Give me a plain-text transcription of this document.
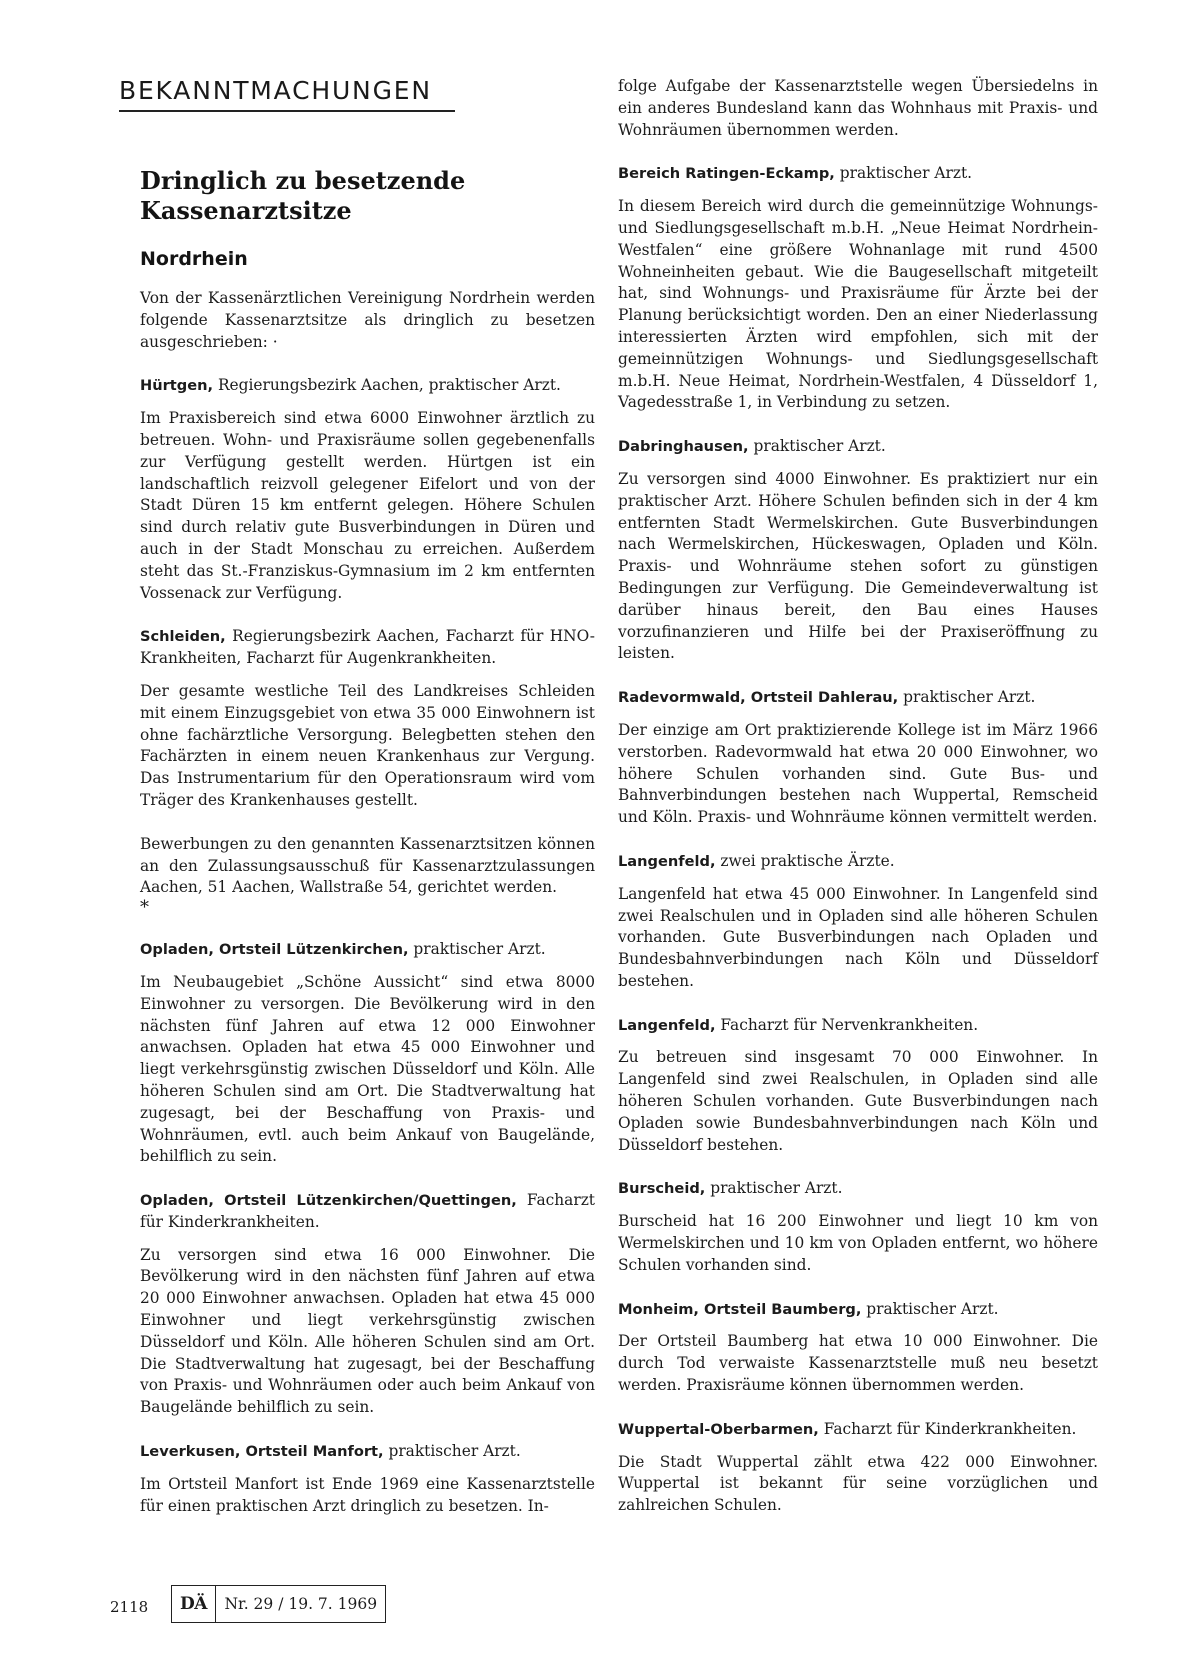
BEKANNTMACHUNGEN
Dringlich zu besetzende Kassenarztsitze
Nordrhein

Von der Kassenärztlichen Vereinigung Nordrhein werden folgende Kassenarztsitze als dringlich zu besetzen ausgeschrieben: ·

Hürtgen, Regierungsbezirk Aachen, praktischer Arzt.

Im Praxisbereich sind etwa 6000 Einwohner ärztlich zu betreuen. Wohn- und Praxisräume sollen gegebenenfalls zur Verfügung gestellt werden. Hürtgen ist ein landschaftlich reizvoll gelegener Eifelort und von der Stadt Düren 15 km entfernt gelegen. Höhere Schulen sind durch relativ gute Busverbindungen in Düren und auch in der Stadt Monschau zu erreichen. Außerdem steht das St.-Franziskus-Gymnasium im 2 km entfernten Vossenack zur Verfügung.

Schleiden, Regierungsbezirk Aachen, Facharzt für HNO-Krankheiten, Facharzt für Augenkrankheiten.

Der gesamte westliche Teil des Landkreises Schleiden mit einem Einzugsgebiet von etwa 35 000 Einwohnern ist ohne fachärztliche Versorgung. Belegbetten stehen den Fachärzten in einem neuen Krankenhaus zur Vergung. Das Instrumentarium für den Operationsraum wird vom Träger des Krankenhauses gestellt.

Bewerbungen zu den genannten Kassenarztsitzen können an den Zulassungsausschuß für Kassenarztzulassungen Aachen, 51 Aachen, Wallstraße 54, gerichtet werden.

*

Opladen, Ortsteil Lützenkirchen, praktischer Arzt.

Im Neubaugebiet „Schöne Aussicht“ sind etwa 8000 Einwohner zu versorgen. Die Bevölkerung wird in den nächsten fünf Jahren auf etwa 12 000 Einwohner anwachsen. Opladen hat etwa 45 000 Einwohner und liegt verkehrsgünstig zwischen Düsseldorf und Köln. Alle höheren Schulen sind am Ort. Die Stadtverwaltung hat zugesagt, bei der Beschaffung von Praxis- und Wohnräumen, evtl. auch beim Ankauf von Baugelände, behilflich zu sein.

Opladen, Ortsteil Lützenkirchen/Quettingen, Facharzt für Kinderkrankheiten.

Zu versorgen sind etwa 16 000 Einwohner. Die Bevölkerung wird in den nächsten fünf Jahren auf etwa 20 000 Einwohner anwachsen. Opladen hat etwa 45 000 Einwohner und liegt verkehrsgünstig zwischen Düsseldorf und Köln. Alle höheren Schulen sind am Ort. Die Stadtverwaltung hat zugesagt, bei der Beschaffung von Praxis- und Wohnräumen oder auch beim Ankauf von Baugelände behilflich zu sein.

Leverkusen, Ortsteil Manfort, praktischer Arzt.

Im Ortsteil Manfort ist Ende 1969 eine Kassenarztstelle für einen praktischen Arzt dringlich zu besetzen. In-

folge Aufgabe der Kassenarztstelle wegen Übersiedelns in ein anderes Bundesland kann das Wohnhaus mit Praxis- und Wohnräumen übernommen werden.

Bereich Ratingen-Eckamp, praktischer Arzt.

In diesem Bereich wird durch die gemeinnützige Wohnungs- und Siedlungsgesellschaft m.b.H. „Neue Heimat Nordrhein-Westfalen“ eine größere Wohnanlage mit rund 4500 Wohneinheiten gebaut. Wie die Baugesellschaft mitgeteilt hat, sind Wohnungs- und Praxisräume für Ärzte bei der Planung berücksichtigt worden. Den an einer Niederlassung interessierten Ärzten wird empfohlen, sich mit der gemeinnützigen Wohnungs- und Siedlungsgesellschaft m.b.H. Neue Heimat, Nordrhein-Westfalen, 4 Düsseldorf 1, Vagedesstraße 1, in Verbindung zu setzen.

Dabringhausen, praktischer Arzt.

Zu versorgen sind 4000 Einwohner. Es praktiziert nur ein praktischer Arzt. Höhere Schulen befinden sich in der 4 km entfernten Stadt Wermelskirchen. Gute Busverbindungen nach Wermelskirchen, Hückeswagen, Opladen und Köln. Praxis- und Wohnräume stehen sofort zu günstigen Bedingungen zur Verfügung. Die Gemeindeverwaltung ist darüber hinaus bereit, den Bau eines Hauses vorzufinanzieren und Hilfe bei der Praxiseröffnung zu leisten.

Radevormwald, Ortsteil Dahlerau, praktischer Arzt.

Der einzige am Ort praktizierende Kollege ist im März 1966 verstorben. Radevormwald hat etwa 20 000 Einwohner, wo höhere Schulen vorhanden sind. Gute Bus- und Bahnverbindungen bestehen nach Wuppertal, Remscheid und Köln. Praxis- und Wohnräume können vermittelt werden.

Langenfeld, zwei praktische Ärzte.

Langenfeld hat etwa 45 000 Einwohner. In Langenfeld sind zwei Realschulen und in Opladen sind alle höheren Schulen vorhanden. Gute Busverbindungen nach Opladen und Bundesbahnverbindungen nach Köln und Düsseldorf bestehen.

Langenfeld, Facharzt für Nervenkrankheiten.

Zu betreuen sind insgesamt 70 000 Einwohner. In Langenfeld sind zwei Realschulen, in Opladen sind alle höheren Schulen vorhanden. Gute Busverbindungen nach Opladen sowie Bundesbahnverbindungen nach Köln und Düsseldorf bestehen.

Burscheid, praktischer Arzt.

Burscheid hat 16 200 Einwohner und liegt 10 km von Wermelskirchen und 10 km von Opladen entfernt, wo höhere Schulen vorhanden sind.

Monheim, Ortsteil Baumberg, praktischer Arzt.

Der Ortsteil Baumberg hat etwa 10 000 Einwohner. Die durch Tod verwaiste Kassenarztstelle muß neu besetzt werden. Praxisräume können übernommen werden.

Wuppertal-Oberbarmen, Facharzt für Kinderkrankheiten.

Die Stadt Wuppertal zählt etwa 422 000 Einwohner. Wuppertal ist bekannt für seine vorzüglichen und zahlreichen Schulen.

2118	DÄ	Nr. 29 / 19. 7. 1969
